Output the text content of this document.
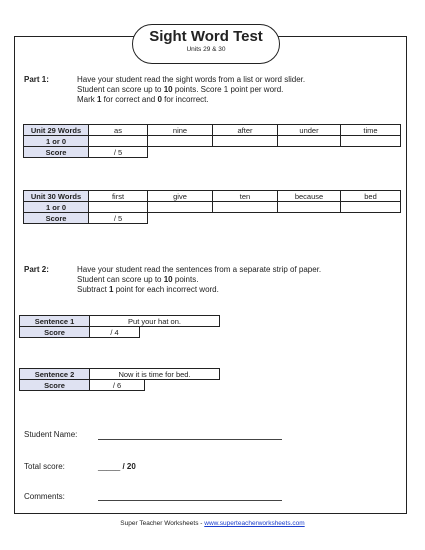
Sight Word Test
Units 29 & 30
Part 1:	Have your student read the sight words from a list or word slider.
Student can score up to 10 points. Score 1 point per word.
Mark 1 for correct and 0 for incorrect.
Unit 29 Words	as	nine	after	under	time
1 or 0					
Score	/ 5				
Unit 30 Words	first	give	ten	because	bed
1 or 0					
Score	/ 5				
Part 2:	Have your student read the sentences from a separate strip of paper.
Student can score up to 10 points.
Subtract 1 point for each incorrect word.
Sentence 1	Put your hat on.	
Score	/ 4	
Sentence 2	Now it is time for bed.	
Score	/ 6	
Student Name:
Total score:	_____ / 20
Comments:
Super Teacher Worksheets - www.superteacherworksheets.com
